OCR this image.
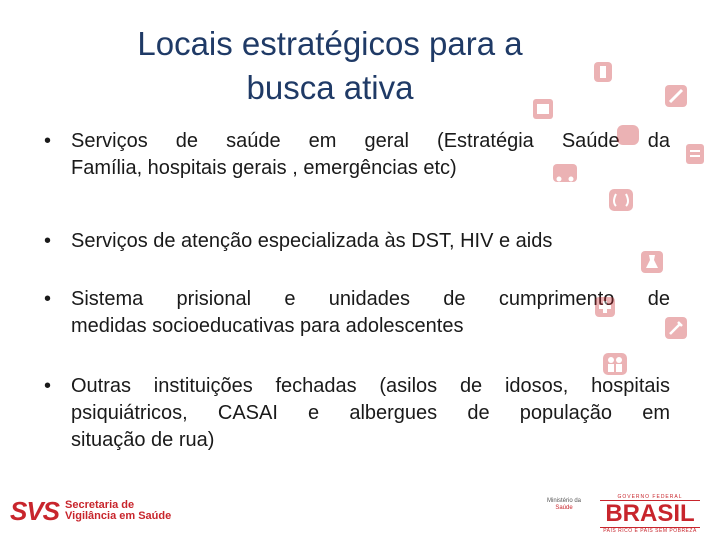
Locais estratégicos para a
busca ativa
• Serviços de saúde em geral (Estratégia Saúde da
Família, hospitais gerais , emergências etc)
• Serviços de atenção especializada às DST, HIV e aids
• Sistema prisional e unidades de cumprimento de
medidas socioeducativas para adolescentes
• Outras instituições fechadas (asilos de idosos, hospitais
psiquiátricos, CASAI e albergues de população em
situação de rua)
SVS Secretaria de
Vigilância em Saúde
Ministério da
Saúde
GOVERNO FEDERAL
BRASIL
PAÍS RICO É PAÍS SEM POBREZA
